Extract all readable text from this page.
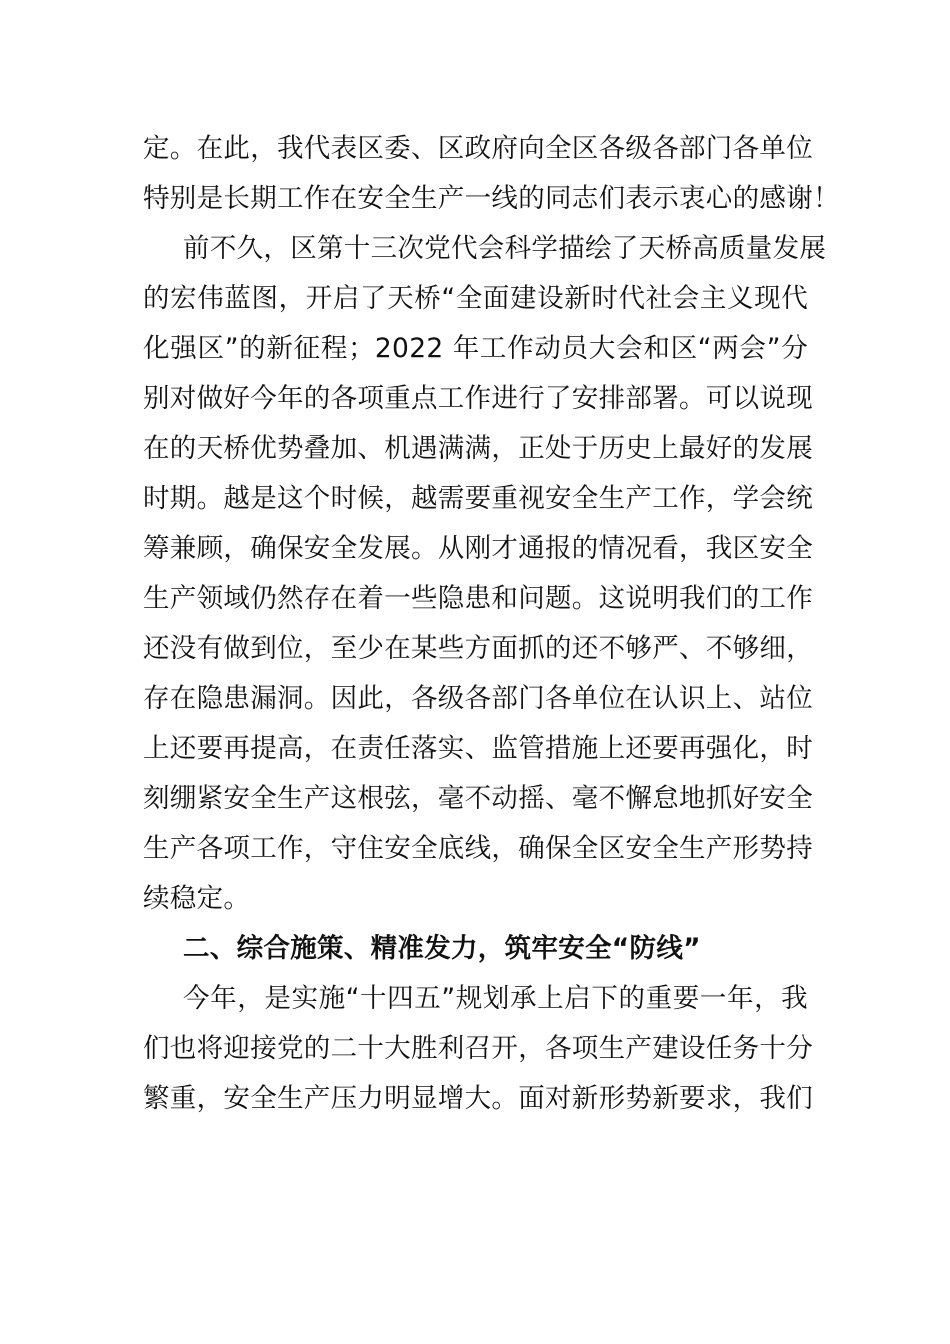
定。在此，我代表区委、区政府向全区各级各部门各单位
特别是长期工作在安全生产一线的同志们表示衷心的感谢！
前不久，区第十三次党代会科学描绘了天桥高质量发展
的宏伟蓝图，开启了天桥“全面建设新时代社会主义现代
化强区”的新征程；2022 年工作动员大会和区“两会”分
别对做好今年的各项重点工作进行了安排部署。可以说现
在的天桥优势叠加、机遇满满，正处于历史上最好的发展
时期。越是这个时候，越需要重视安全生产工作，学会统
筹兼顾，确保安全发展。从刚才通报的情况看，我区安全
生产领域仍然存在着一些隐患和问题。这说明我们的工作
还没有做到位，至少在某些方面抓的还不够严、不够细，
存在隐患漏洞。因此，各级各部门各单位在认识上、站位
上还要再提高，在责任落实、监管措施上还要再强化，时
刻绷紧安全生产这根弦，毫不动摇、毫不懈怠地抓好安全
生产各项工作，守住安全底线，确保全区安全生产形势持
续稳定。
二、综合施策、精准发力，筑牢安全“防线”
今年，是实施“十四五”规划承上启下的重要一年，我
们也将迎接党的二十大胜利召开，各项生产建设任务十分
繁重，安全生产压力明显增大。面对新形势新要求，我们
